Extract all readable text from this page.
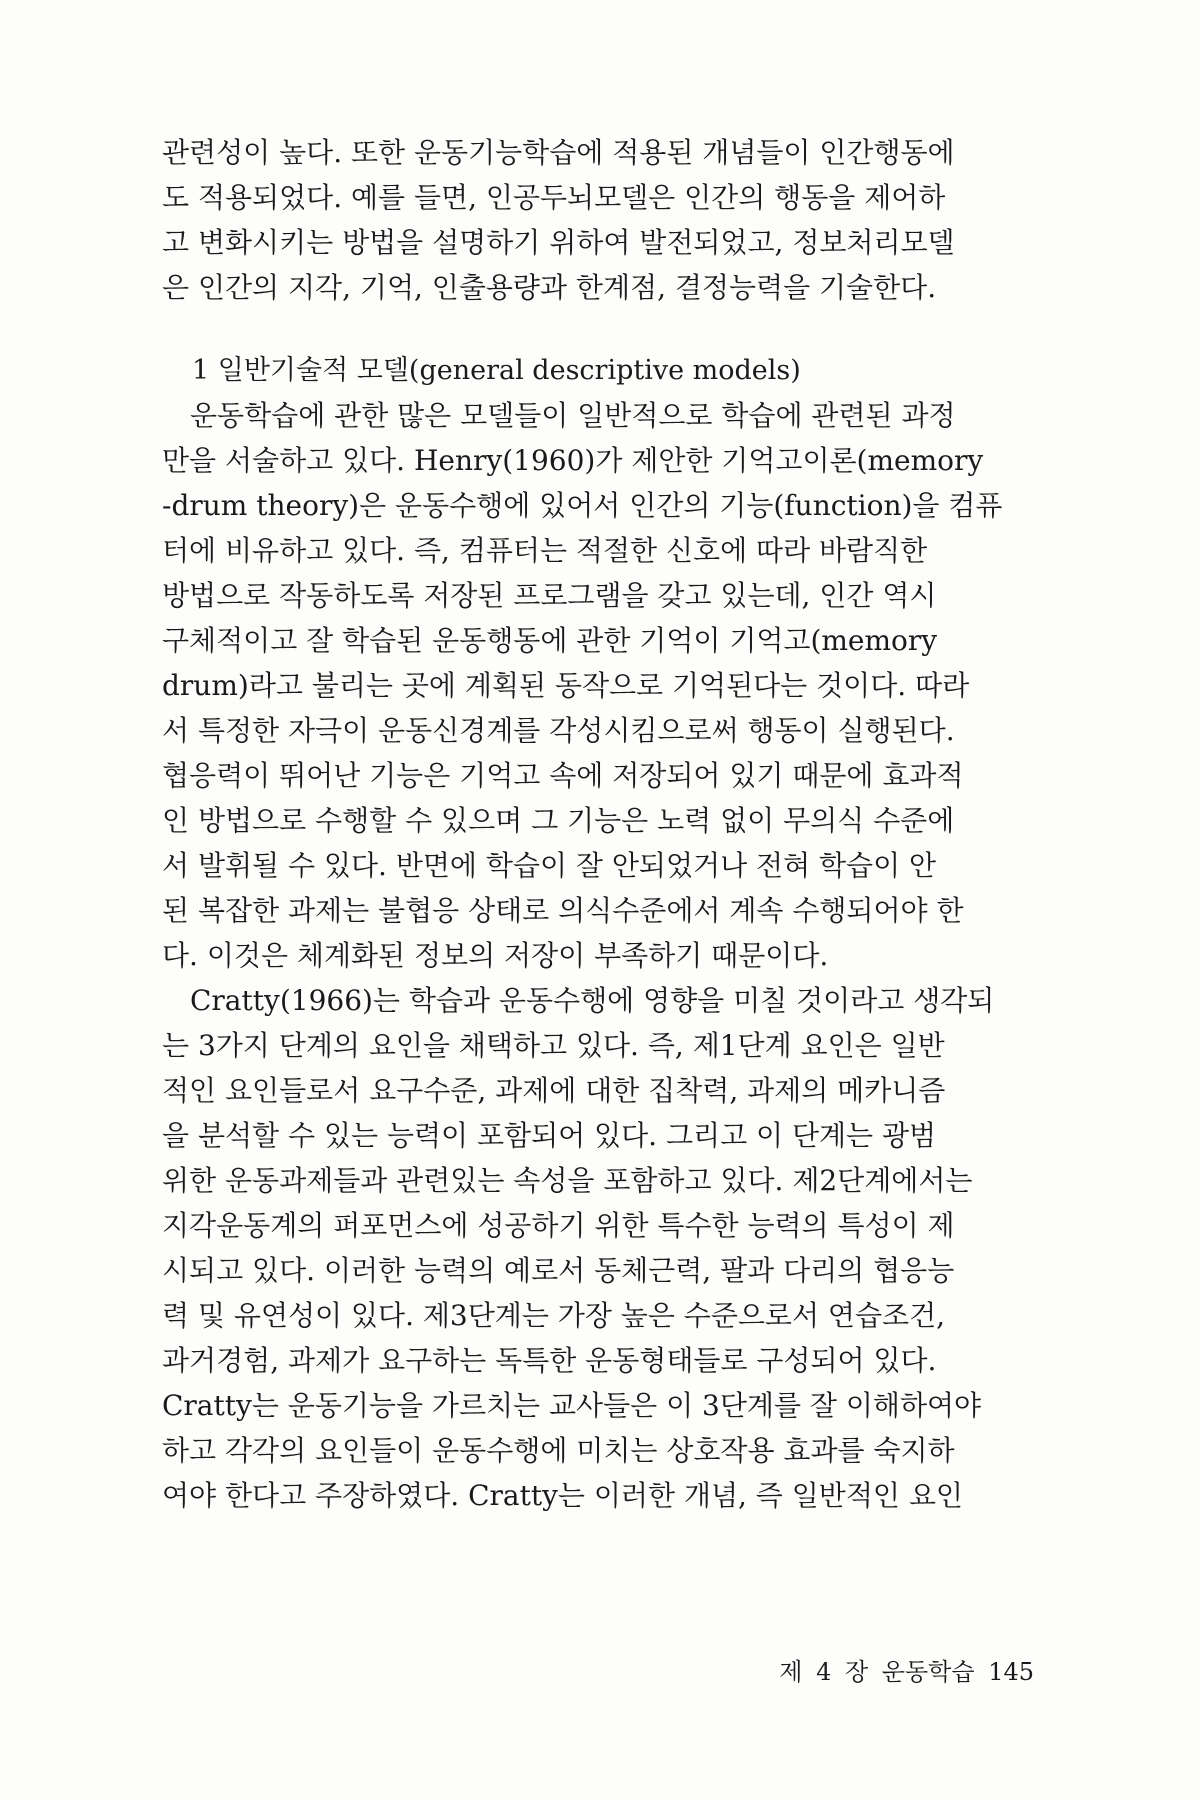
관련성이 높다. 또한 운동기능학습에 적용된 개념들이 인간행동에
도 적용되었다. 예를 들면, 인공두뇌모델은 인간의 행동을 제어하
고 변화시키는 방법을 설명하기 위하여 발전되었고, 정보처리모델
은 인간의 지각, 기억, 인출용량과 한계점, 결정능력을 기술한다.
1 일반기술적 모델(general descriptive models)
운동학습에 관한 많은 모델들이 일반적으로 학습에 관련된 과정
만을 서술하고 있다. Henry(1960)가 제안한 기억고이론(memory
-drum theory)은 운동수행에 있어서 인간의 기능(function)을 컴퓨
터에 비유하고 있다. 즉, 컴퓨터는 적절한 신호에 따라 바람직한
방법으로 작동하도록 저장된 프로그램을 갖고 있는데, 인간 역시
구체적이고 잘 학습된 운동행동에 관한 기억이 기억고(memory
drum)라고 불리는 곳에 계획된 동작으로 기억된다는 것이다. 따라
서 특정한 자극이 운동신경계를 각성시킴으로써 행동이 실행된다.
협응력이 뛰어난 기능은 기억고 속에 저장되어 있기 때문에 효과적
인 방법으로 수행할 수 있으며 그 기능은 노력 없이 무의식 수준에
서 발휘될 수 있다. 반면에 학습이 잘 안되었거나 전혀 학습이 안
된 복잡한 과제는 불협응 상태로 의식수준에서 계속 수행되어야 한
다. 이것은 체계화된 정보의 저장이 부족하기 때문이다.
Cratty(1966)는 학습과 운동수행에 영향을 미칠 것이라고 생각되
는 3가지 단계의 요인을 채택하고 있다. 즉, 제1단계 요인은 일반
적인 요인들로서 요구수준, 과제에 대한 집착력, 과제의 메카니즘
을 분석할 수 있는 능력이 포함되어 있다. 그리고 이 단계는 광범
위한 운동과제들과 관련있는 속성을 포함하고 있다. 제2단계에서는
지각운동계의 퍼포먼스에 성공하기 위한 특수한 능력의 특성이 제
시되고 있다. 이러한 능력의 예로서 동체근력, 팔과 다리의 협응능
력 및 유연성이 있다. 제3단계는 가장 높은 수준으로서 연습조건,
과거경험, 과제가 요구하는 독특한 운동형태들로 구성되어 있다.
Cratty는 운동기능을 가르치는 교사들은 이 3단계를 잘 이해하여야
하고 각각의 요인들이 운동수행에 미치는 상호작용 효과를 숙지하
여야 한다고 주장하였다. Cratty는 이러한 개념, 즉 일반적인 요인
제 4 장 운동학습 145
